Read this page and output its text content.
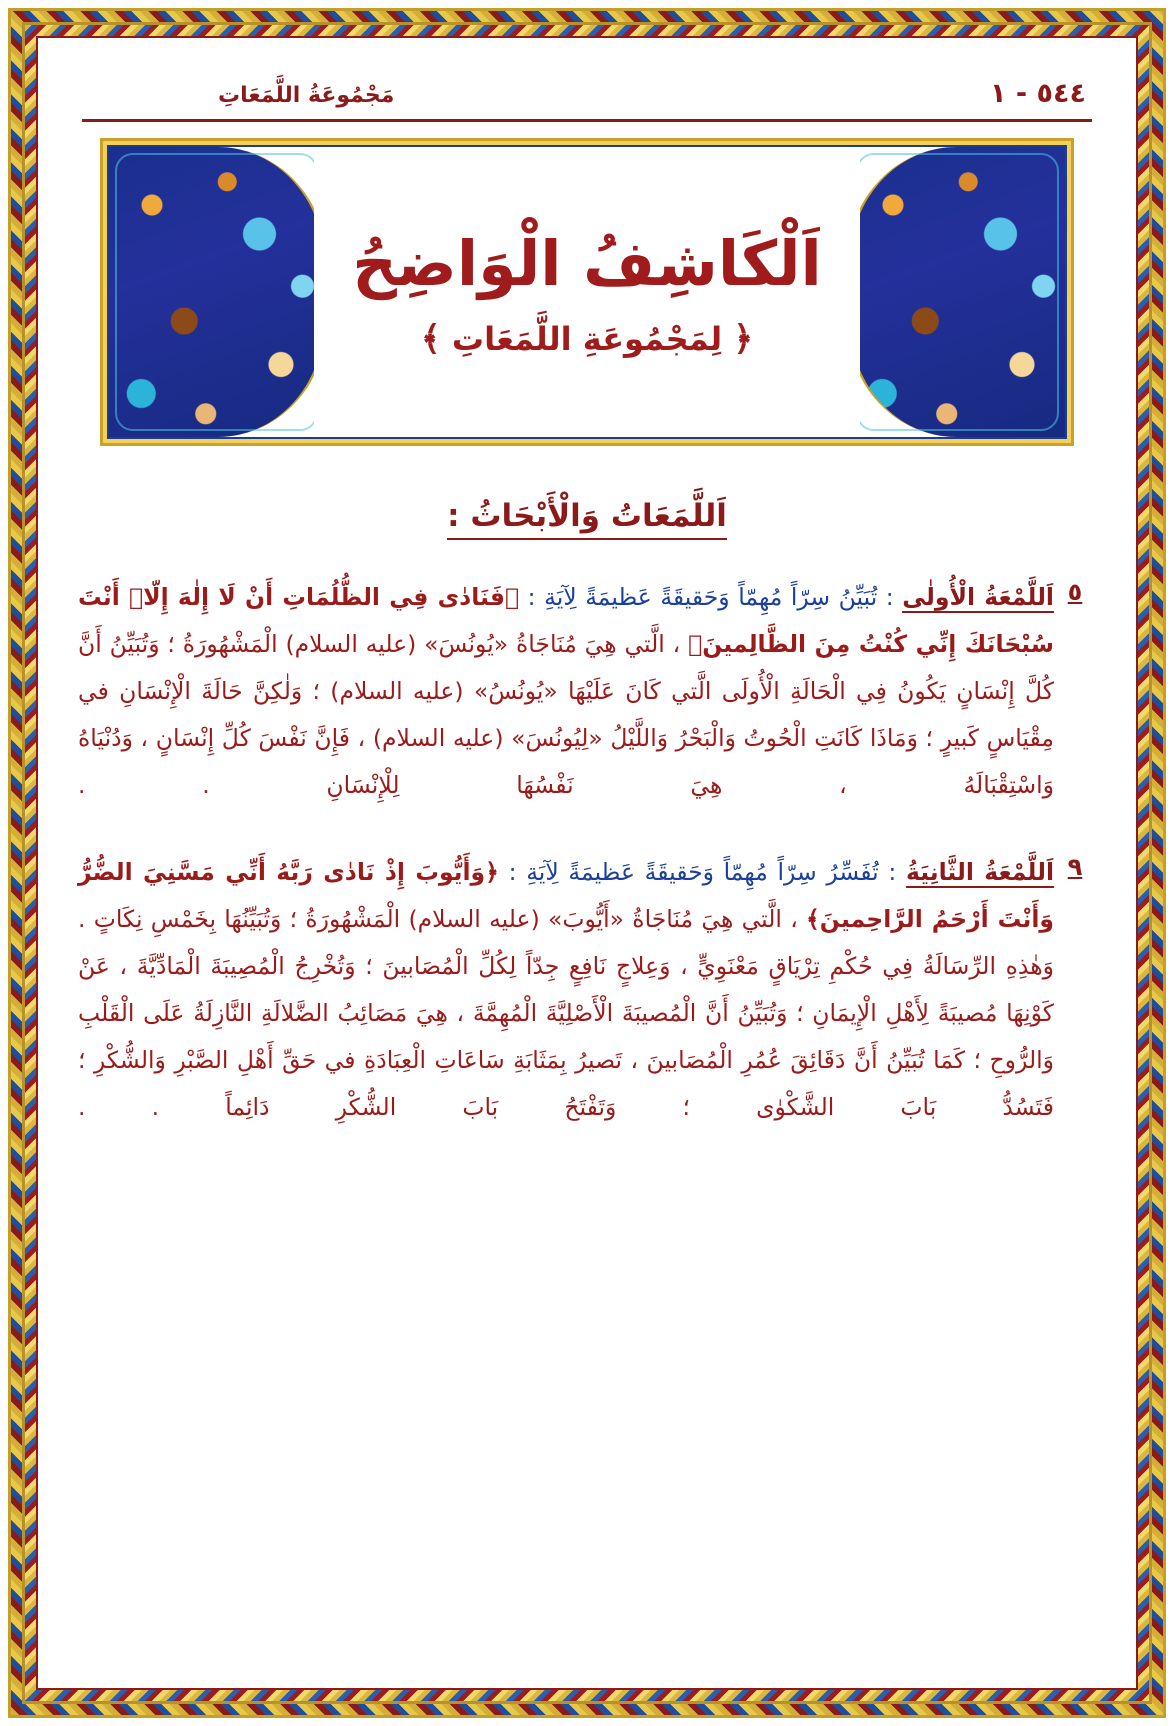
٥٤٤ - ١
مَجْمُوعَةُ اللَّمَعَاتِ
اَلْكَاشِفُ الْوَاضِحُ
﴿ لِمَجْمُوعَةِ اللَّمَعَاتِ ﴾
اَللَّمَعَاتُ وَالْأَبْحَاثُ :
٥
اَللَّمْعَةُ الْأُولٰى : تُبَيِّنُ سِرّاً مُهِمّاً وَحَقيقَةً عَظيمَةً لِآيَةِ : ﴿فَنَادٰى فِي الظُّلُمَاتِ أَنْ لَا إِلٰهَ إِلّاۤ أَنْتَ سُبْحَانَكَ إِنِّي كُنْتُ مِنَ الظَّالِمينَ﴾ ، الَّتي هِيَ مُنَاجَاةُ «يُونُسَ» (عليه السلام) الْمَشْهُورَةُ ؛ وَتُبَيِّنُ أَنَّ كُلَّ إِنْسَانٍ يَكُونُ فِي الْحَالَةِ الْأُولَى الَّتي كَانَ عَلَيْهَا «يُونُسُ» (عليه السلام) ؛ وَلٰكِنَّ حَالَةَ الْإِنْسَانِ في مِقْيَاسٍ كَبيرٍ ؛ وَمَاذَا كَانَتِ الْحُوتُ وَالْبَحْرُ وَاللَّيْلُ «لِيُونُسَ» (عليه السلام) ، فَإِنَّ نَفْسَ كُلِّ إِنْسَانٍ ، وَدُنْيَاهُ وَاسْتِقْبَالَهُ ، هِيَ نَفْسُهَا لِلْإِنْسَانِ . .
٩
اَللَّمْعَةُ الثَّانِيَةُ : تُفَسِّرُ سِرّاً مُهِمّاً وَحَقيقَةً عَظيمَةً لِآيَةِ : ﴿وَأَيُّوبَ إِذْ نَادٰى رَبَّهُ أَنِّي مَسَّنِيَ الضُّرُّ وَأَنْتَ أَرْحَمُ الرَّاحِمينَ﴾ ، الَّتي هِيَ مُنَاجَاةُ «أَيُّوبَ» (عليه السلام) الْمَشْهُورَةُ ؛ وَتُبَيِّنُهَا بِخَمْسِ نِكَاتٍ . وَهٰذِهِ الرِّسَالَةُ فِي حُكْمِ تِرْيَاقٍ مَعْنَوِيٍّ ، وَعِلاجٍ نَافِعٍ جِدّاً لِكُلِّ الْمُصَابينَ ؛ وَتُخْرِجُ الْمُصِيبَةَ الْمَادِّيَّةَ ، عَنْ كَوْنِهَا مُصيبَةً لِأَهْلِ الْإِيمَانِ ؛ وَتُبَيِّنُ أَنَّ الْمُصيبَةَ الْأَصْلِيَّةَ الْمُهِمَّةَ ، هِيَ مَصَائِبُ الضَّلالَةِ النَّازِلَةُ عَلَى الْقَلْبِ وَالرُّوحِ ؛ كَمَا تُبَيِّنُ أَنَّ دَقَائِقَ عُمُرِ الْمُصَابينَ ، تَصيرُ بِمَثَابَةِ سَاعَاتِ الْعِبَادَةِ في حَقِّ أَهْلِ الصَّبْرِ وَالشُّكْرِ ؛ فَتَسُدُّ بَابَ الشَّكْوٰى ؛ وَتَفْتَحُ بَابَ الشُّكْرِ دَائِماً . .
